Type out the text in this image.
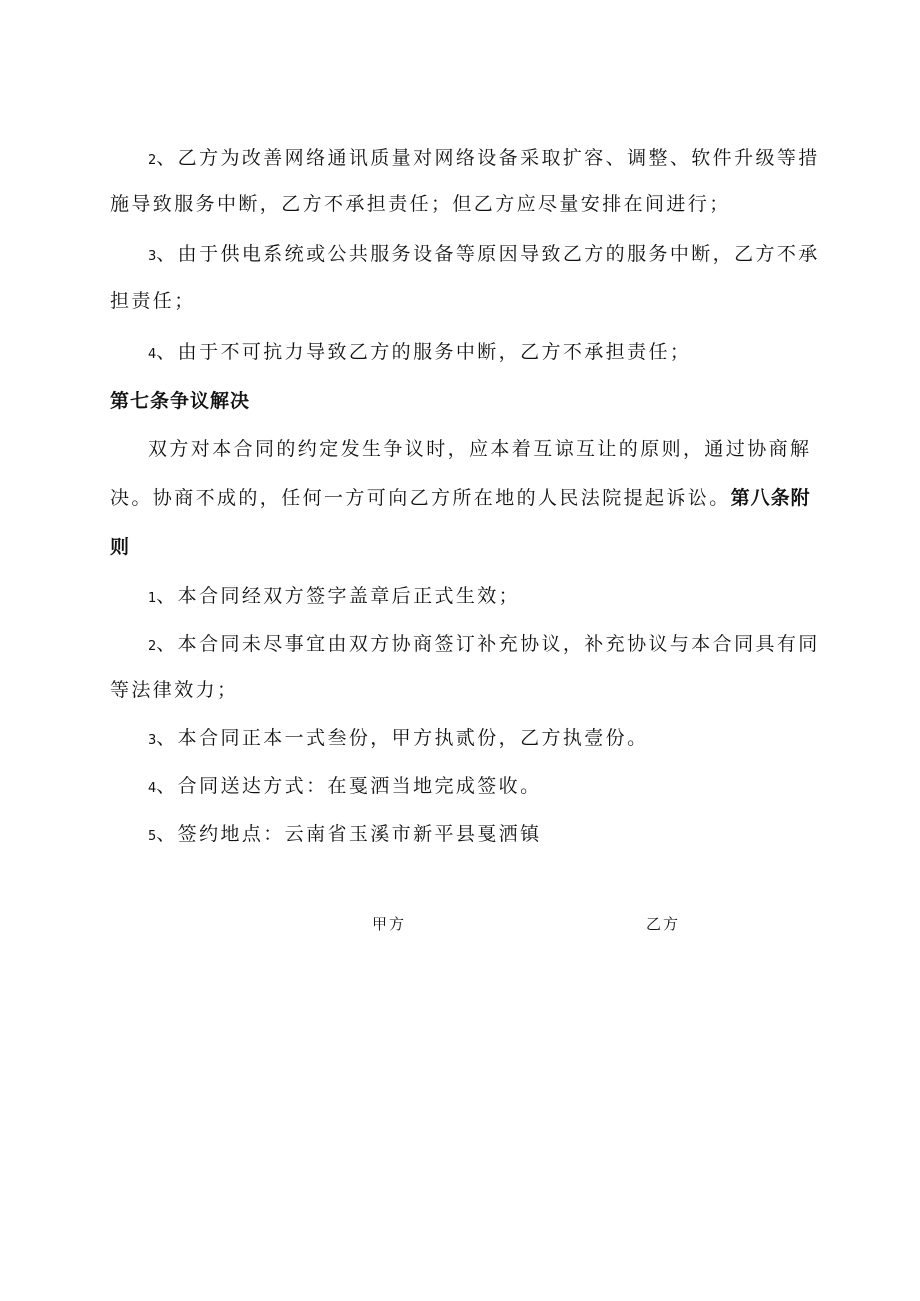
2、乙方为改善网络通讯质量对网络设备采取扩容、调整、软件升级等措
施导致服务中断，乙方不承担责任；但乙方应尽量安排在间进行；
3、由于供电系统或公共服务设备等原因导致乙方的服务中断，乙方不承
担责任；
4、由于不可抗力导致乙方的服务中断，乙方不承担责任；
第七条争议解决
双方对本合同的约定发生争议时，应本着互谅互让的原则，通过协商解
决。协商不成的，任何一方可向乙方所在地的人民法院提起诉讼。第八条附
则
1、本合同经双方签字盖章后正式生效；
2、本合同未尽事宜由双方协商签订补充协议，补充协议与本合同具有同
等法律效力；
3、本合同正本一式叁份，甲方执贰份，乙方执壹份。
4、合同送达方式：在戛洒当地完成签收。
5、签约地点：云南省玉溪市新平县戛洒镇
甲方	乙方
